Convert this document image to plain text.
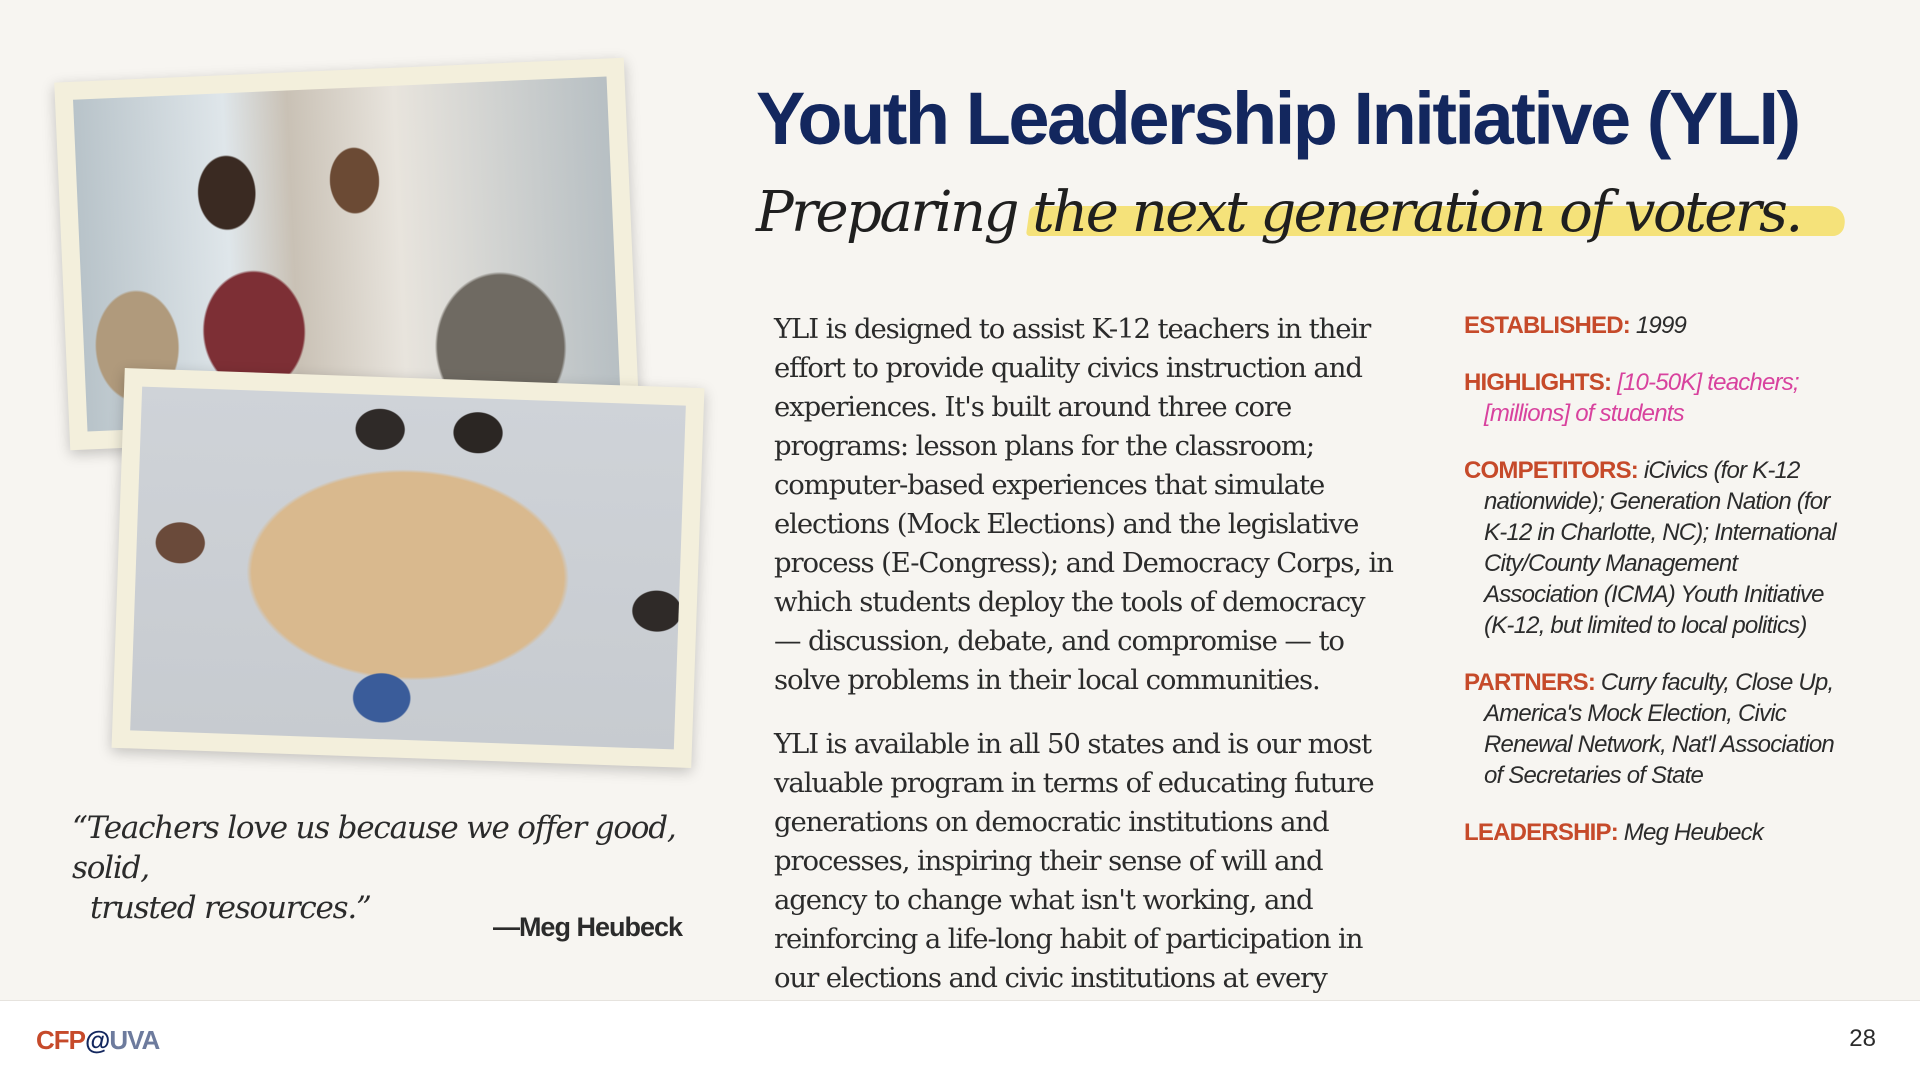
“Teachers love us because we offer good, solid,
trusted resources.”
—Meg Heubeck
Youth Leadership Initiative (YLI)
Preparing the next generation of voters.

YLI is designed to assist K-12 teachers in their effort to provide quality civics instruction and experiences. It's built around three core programs: lesson plans for the classroom; computer-based experiences that simulate elections (Mock Elections) and the legislative process (E-Congress); and Democracy Corps, in which students deploy the tools of democracy — discussion, debate, and compromise — to solve problems in their local communities.

YLI is available in all 50 states and is our most valuable program in terms of educating future generations on democratic institutions and processes, inspiring their sense of will and agency to change what isn't working, and reinforcing a life-long habit of participation in our elections and civic institutions at every

ESTABLISHED: 1999
HIGHLIGHTS: [10-50K] teachers; [millions] of students
COMPETITORS: iCivics (for K-12 nationwide); Generation Nation (for K-12 in Charlotte, NC); International City/County Management Association (ICMA) Youth Initiative (K-12, but limited to local politics)
PARTNERS: Curry faculty, Close Up, America's Mock Election, Civic Renewal Network, Nat'l Association of Secretaries of State
LEADERSHIP: Meg Heubeck
CFP@UVA	28
